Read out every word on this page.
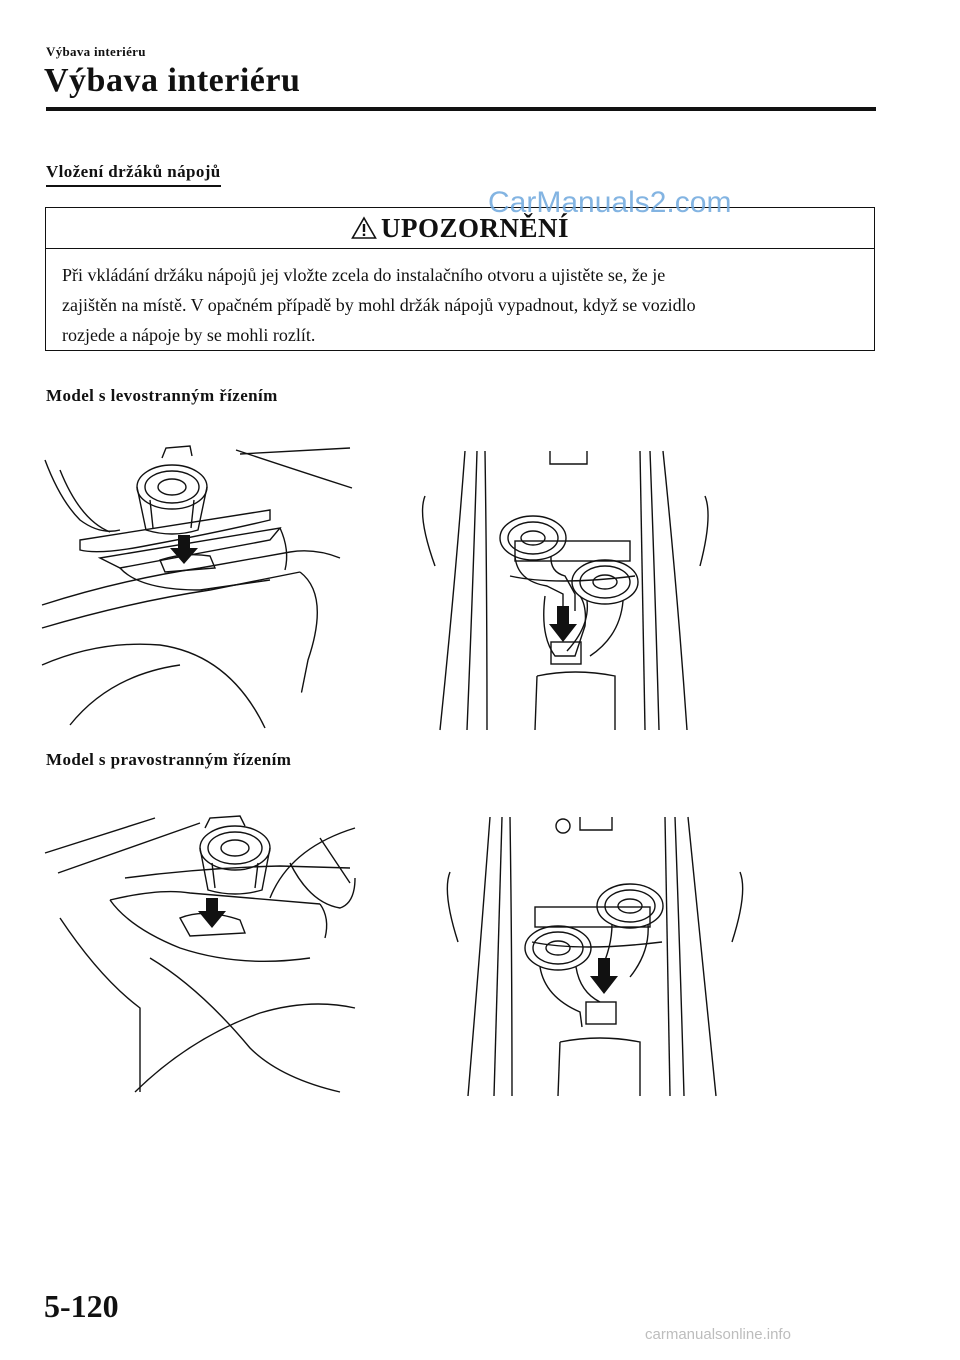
Výbava interiéru
Výbava interiéru
Vložení držáků nápojů
UPOZORNĚNÍ
Při vkládání držáku nápojů jej vložte zcela do instalačního otvoru a ujistěte se, že je
zajištěn na místě. V opačném případě by mohl držák nápojů vypadnout, když se vozidlo
rozjede a nápoje by se mohli rozlít.
CarManuals2.com
Model s levostranným řízením
Model s pravostranným řízením
5-120
carmanualsonline.info
